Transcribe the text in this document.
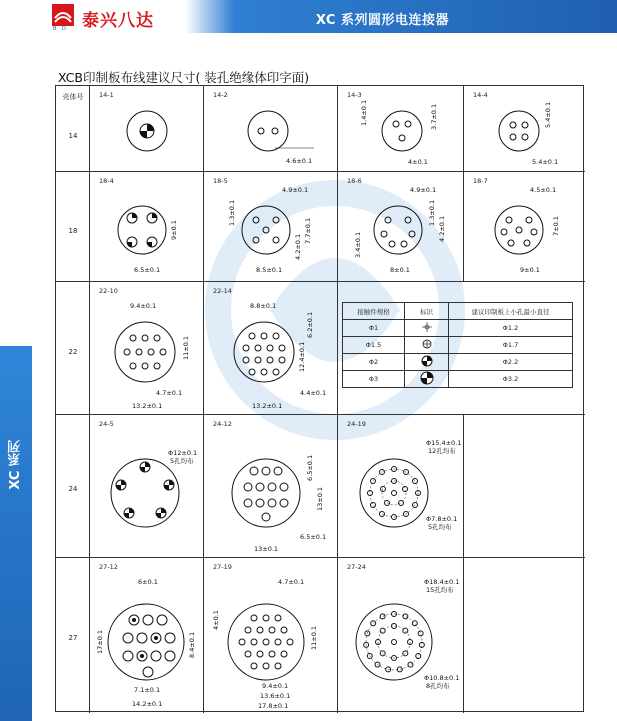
B D 泰兴八达	XC 系列圆形电连接器
XC 系列
XCB印制板布线建议尺寸( 装孔绝缘体印字面)
壳体号
14
14-1	14-2
4.6±0.1
14-3
1.4±0.1	3.7±0.1
4±0.1
14-4
5.4±0.1
5.4±0.1
18
18-4
9±0.1
6.5±0.1
18-5
4.9±0.1
1.3±0.1
7.7±0.1
4.2±0.1
8.5±0.1
18-6
4.9±0.1
1.3±0.1
4.2±0.1
3.4±0.1
8±0.1
18-7
4.5±0.1
7±0.1
9±0.1
22
22-10
9.4±0.1
11±0.1
4.7±0.1
13.2±0.1
22-14
8.8±0.1
6.2±0.1
12.4±0.1
4.4±0.1
13.2±0.1
接触件规格	标识	建议印制板上小孔最小直径
Φ1		Φ1.2
Φ1.5		Φ1.7
Φ2		Φ2.2
Φ3		Φ3.2
24
24-5
Φ12±0.1
5孔均布
24-12
6.5±0.1
13±0.1
6.5±0.1
13±0.1
24-19
Φ15.4±0.1
12孔均布
Φ7.8±0.1
5孔均布
27
27-12
6±0.1
17±0.1	8.4±0.1
7.1±0.1
14.2±0.1
27-19
4.7±0.1
4±0.1
11±0.1
9.4±0.1
13.6±0.1
17.8±0.1
27-24
Φ18.4±0.1
15孔均布
Φ10.8±0.1
8孔均布
